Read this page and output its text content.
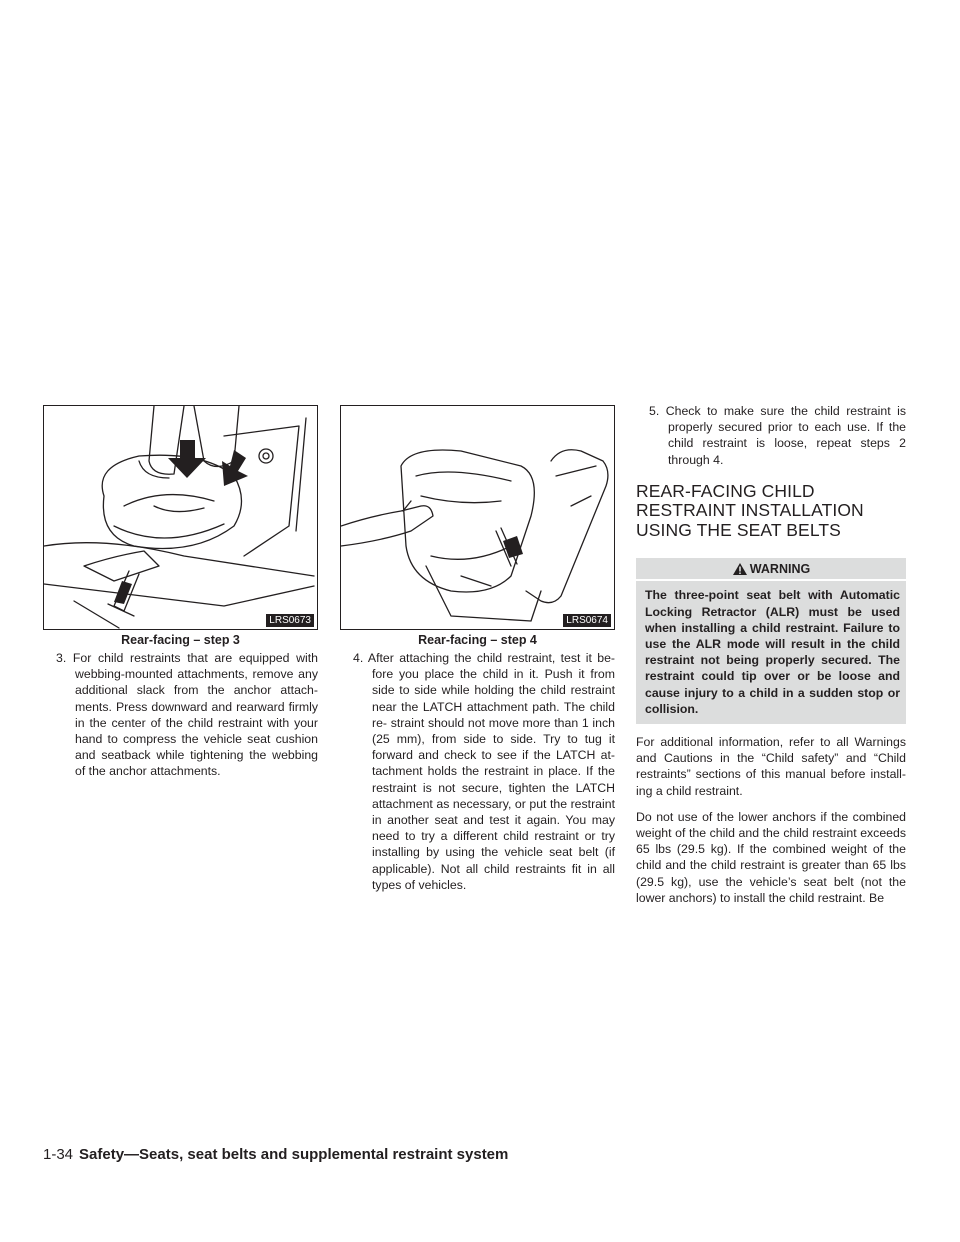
LRS0673
Rear-facing – step 3
3. For child restraints that are equipped with webbing-mounted attachments, remove any additional slack from the anchor attach- ments. Press downward and rearward firmly in the center of the child restraint with your hand to compress the vehicle seat cushion and seatback while tightening the webbing of the anchor attachments.
LRS0674
Rear-facing – step 4
4. After attaching the child restraint, test it be- fore you place the child in it. Push it from side to side while holding the child restraint near the LATCH attachment path. The child re- straint should not move more than 1 inch (25 mm), from side to side. Try to tug it forward and check to see if the LATCH at- tachment holds the restraint in place. If the restraint is not secure, tighten the LATCH attachment as necessary, or put the restraint in another seat and test it again. You may need to try a different child restraint or try installing by using the vehicle seat belt (if applicable). Not all child restraints fit in all types of vehicles.
5. Check to make sure the child restraint is properly secured prior to each use. If the child restraint is loose, repeat steps 2 through 4.
REAR-FACING CHILD RESTRAINT INSTALLATION USING THE SEAT BELTS
WARNING
The three-point seat belt with Automatic Locking Retractor (ALR) must be used when installing a child restraint. Failure to use the ALR mode will result in the child restraint not being properly secured. The restraint could tip over or be loose and cause injury to a child in a sudden stop or collision.

For additional information, refer to all Warnings and Cautions in the “Child safety” and “Child restraints” sections of this manual before install- ing a child restraint.

Do not use of the lower anchors if the combined weight of the child and the child restraint exceeds 65 lbs (29.5 kg). If the combined weight of the child and the child restraint is greater than 65 lbs (29.5 kg), use the vehicle’s seat belt (not the lower anchors) to install the child restraint. Be

1-34 Safety—Seats, seat belts and supplemental restraint system
